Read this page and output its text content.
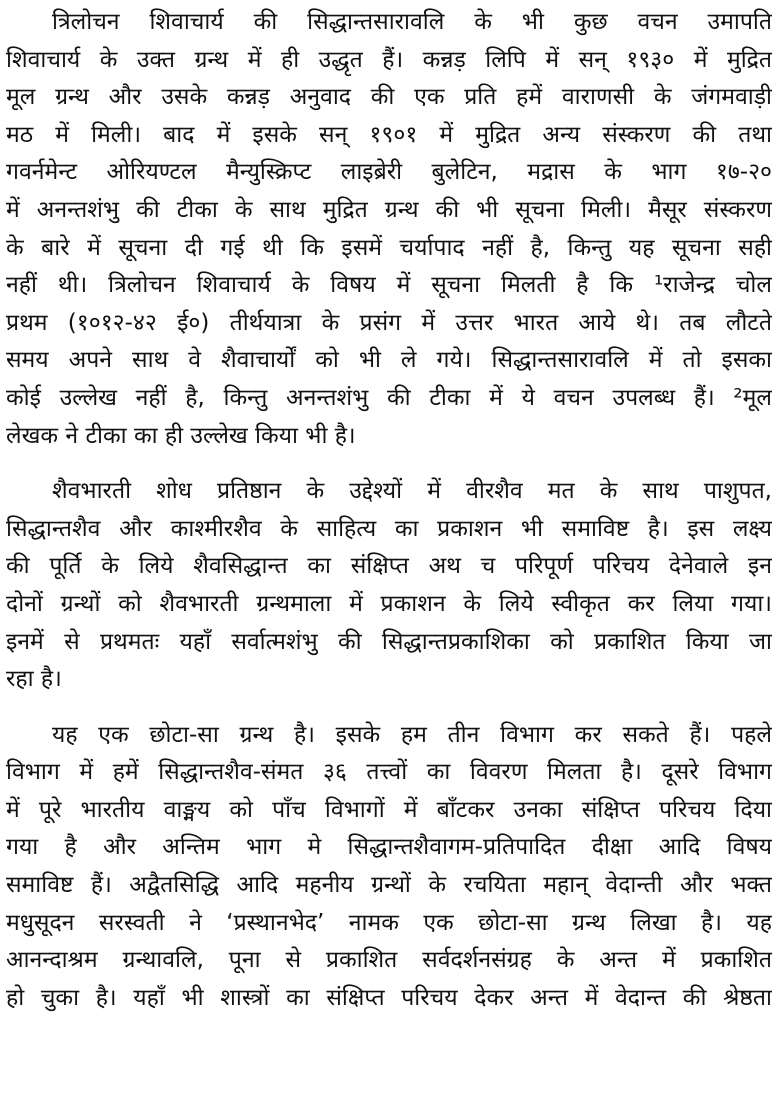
  त्रिलोचन शिवाचार्य की सिद्धान्तसारावलि के भी कुछ वचन उमापति
शिवाचार्य के उक्त ग्रन्थ में ही उद्धृत हैं। कन्नड़ लिपि में सन् १९३० में मुद्रित
मूल ग्रन्थ और उसके कन्नड़ अनुवाद की एक प्रति हमें वाराणसी के जंगमवाड़ी
मठ में मिली। बाद में इसके सन् १९०१ में मुद्रित अन्य संस्करण की तथा
गवर्नमेन्ट ओरियण्टल मैन्युस्क्रिप्ट लाइब्रेरी बुलेटिन, मद्रास के भाग १७-२०
में अनन्तशंभु की टीका के साथ मुद्रित ग्रन्थ की भी सूचना मिली। मैसूर संस्करण
के बारे में सूचना दी गई थी कि इसमें चर्यापाद नहीं है, किन्तु यह सूचना सही
नहीं थी। त्रिलोचन शिवाचार्य के विषय में सूचना मिलती है कि ¹राजेन्द्र चोल
प्रथम (१०१२-४२ ई०) तीर्थयात्रा के प्रसंग में उत्तर भारत आये थे। तब लौटते
समय अपने साथ वे शैवाचार्यों को भी ले गये। सिद्धान्तसारावलि में तो इसका
कोई उल्लेख नहीं है, किन्तु अनन्तशंभु की टीका में ये वचन उपलब्ध हैं। ²मूल
लेखक ने टीका का ही उल्लेख किया भी है।

  शैवभारती शोध प्रतिष्ठान के उद्देश्यों में वीरशैव मत के साथ पाशुपत,
सिद्धान्तशैव और काश्मीरशैव के साहित्य का प्रकाशन भी समाविष्ट है। इस लक्ष्य
की पूर्ति के लिये शैवसिद्धान्त का संक्षिप्त अथ च परिपूर्ण परिचय देनेवाले इन
दोनों ग्रन्थों को शैवभारती ग्रन्थमाला में प्रकाशन के लिये स्वीकृत कर लिया गया।
इनमें से प्रथमतः यहाँ सर्वात्मशंभु की सिद्धान्तप्रकाशिका को प्रकाशित किया जा
रहा है।

  यह एक छोटा-सा ग्रन्थ है। इसके हम तीन विभाग कर सकते हैं। पहले
विभाग में हमें सिद्धान्तशैव-संमत ३६ तत्त्वों का विवरण मिलता है। दूसरे विभाग
में पूरे भारतीय वाङ्मय को पाँच विभागों में बाँटकर उनका संक्षिप्त परिचय दिया
गया है और अन्तिम भाग मे सिद्धान्तशैवागम-प्रतिपादित दीक्षा आदि विषय
समाविष्ट हैं। अद्वैतसिद्धि आदि महनीय ग्रन्थों के रचयिता महान् वेदान्ती और भक्त
मधुसूदन सरस्वती ने ‘प्रस्थानभेद’ नामक एक छोटा-सा ग्रन्थ लिखा है। यह
आनन्दाश्रम ग्रन्थावलि, पूना से प्रकाशित सर्वदर्शनसंग्रह के अन्त में प्रकाशित
हो चुका है। यहाँ भी शास्त्रों का संक्षिप्त परिचय देकर अन्त में वेदान्त की श्रेष्ठता
